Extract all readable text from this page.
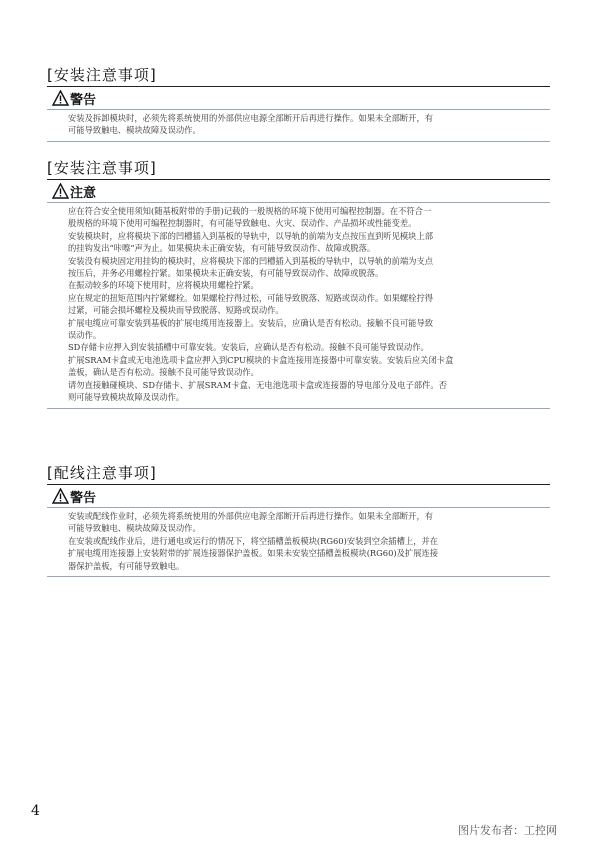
[安装注意事项]
警告
安装及拆卸模块时，必须先将系统使用的外部供应电源全部断开后再进行操作。如果未全部断开，有
可能导致触电、模块故障及误动作。
[安装注意事项]
注意
应在符合安全使用须知(随基板附带的手册)记载的一般规格的环境下使用可编程控制器。在不符合一
般规格的环境下使用可编程控制器时，有可能导致触电、火灾、误动作、产品损坏或性能变差。
安装模块时，应将模块下部的凹槽插入到基板的导轨中，以导轨的前端为支点按压直到听见模块上部
的挂钩发出“咔嚓”声为止。如果模块未正确安装，有可能导致误动作、故障或脱落。
安装没有模块固定用挂钩的模块时，应将模块下部的凹槽插入到基板的导轨中，以导轨的前端为支点
按压后，并务必用螺栓拧紧。如果模块未正确安装，有可能导致误动作、故障或脱落。
在振动较多的环境下使用时，应将模块用螺栓拧紧。
应在规定的扭矩范围内拧紧螺栓。如果螺栓拧得过松，可能导致脱落、短路或误动作。如果螺栓拧得
过紧，可能会损坏螺栓及模块而导致脱落、短路或误动作。
扩展电缆应可靠安装到基板的扩展电缆用连接器上。安装后，应确认是否有松动。接触不良可能导致
误动作。
SD存储卡应押入到安装插槽中可靠安装。安装后，应确认是否有松动。接触不良可能导致误动作。
扩展SRAM卡盒或无电池选项卡盒应押入到CPU模块的卡盒连接用连接器中可靠安装。安装后应关闭卡盒
盖板，确认是否有松动。接触不良可能导致误动作。
请勿直接触碰模块、SD存储卡、扩展SRAM卡盒、无电池选项卡盒或连接器的导电部分及电子部件。否
则可能导致模块故障及误动作。
[配线注意事项]
警告
安装或配线作业时，必须先将系统使用的外部供应电源全部断开后再进行操作。如果未全部断开，有
可能导致触电、模块故障及误动作。
在安装或配线作业后，进行通电或运行的情况下，将空插槽盖板模块(RG60)安装到空余插槽上，并在
扩展电缆用连接器上安装附带的扩展连接器保护盖板。如果未安装空插槽盖板模块(RG60)及扩展连接
器保护盖板，有可能导致触电。
4
图片发布者：工控网
